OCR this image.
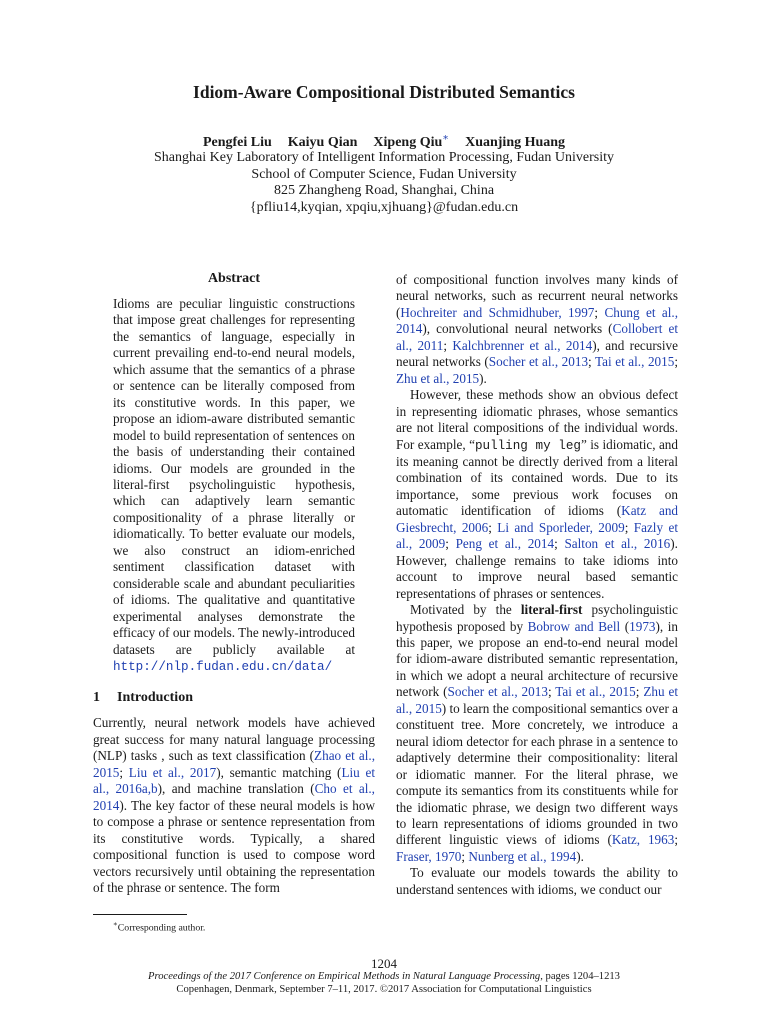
Idiom-Aware Compositional Distributed Semantics
Pengfei Liu Kaiyu Qian Xipeng Qiu∗ Xuanjing Huang
Shanghai Key Laboratory of Intelligent Information Processing, Fudan University
School of Computer Science, Fudan University
825 Zhangheng Road, Shanghai, China
{pfliu14,kyqian, xpqiu,xjhuang}@fudan.edu.cn
Abstract
Idioms are peculiar linguistic constructions that impose great challenges for representing the semantics of language, especially in current prevailing end-to-end neural models, which assume that the semantics of a phrase or sentence can be literally composed from its constitutive words. In this paper, we propose an idiom-aware distributed semantic model to build representation of sentences on the basis of understanding their contained idioms. Our models are grounded in the literal-first psycholinguistic hypothesis, which can adaptively learn semantic compositionality of a phrase literally or idiomatically. To better evaluate our models, we also construct an idiom-enriched sentiment classification dataset with considerable scale and abundant peculiarities of idioms. The qualitative and quantitative experimental analyses demonstrate the efficacy of our models. The newly-introduced datasets are publicly available at http://nlp.fudan.edu.cn/data/
1 Introduction

Currently, neural network models have achieved great success for many natural language processing (NLP) tasks , such as text classification (Zhao et al., 2015; Liu et al., 2017), semantic matching (Liu et al., 2016a,b), and machine translation (Cho et al., 2014). The key factor of these neural models is how to compose a phrase or sentence representation from its constitutive words. Typically, a shared compositional function is used to compose word vectors recursively until obtaining the representation of the phrase or sentence. The form

of compositional function involves many kinds of neural networks, such as recurrent neural networks (Hochreiter and Schmidhuber, 1997; Chung et al., 2014), convolutional neural networks (Collobert et al., 2011; Kalchbrenner et al., 2014), and recursive neural networks (Socher et al., 2013; Tai et al., 2015; Zhu et al., 2015).

However, these methods show an obvious defect in representing idiomatic phrases, whose semantics are not literal compositions of the individual words. For example, “pulling my leg” is idiomatic, and its meaning cannot be directly derived from a literal combination of its contained words. Due to its importance, some previous work focuses on automatic identification of idioms (Katz and Giesbrecht, 2006; Li and Sporleder, 2009; Fazly et al., 2009; Peng et al., 2014; Salton et al., 2016). However, challenge remains to take idioms into account to improve neural based semantic representations of phrases or sentences.

Motivated by the literal-first psycholinguistic hypothesis proposed by Bobrow and Bell (1973), in this paper, we propose an end-to-end neural model for idiom-aware distributed semantic representation, in which we adopt a neural architecture of recursive network (Socher et al., 2013; Tai et al., 2015; Zhu et al., 2015) to learn the compositional semantics over a constituent tree. More concretely, we introduce a neural idiom detector for each phrase in a sentence to adaptively determine their compositionality: literal or idiomatic manner. For the literal phrase, we compute its semantics from its constituents while for the idiomatic phrase, we design two different ways to learn representations of idioms grounded in two different linguistic views of idioms (Katz, 1963; Fraser, 1970; Nunberg et al., 1994).

To evaluate our models towards the ability to understand sentences with idioms, we conduct our

∗Corresponding author.
1204
Proceedings of the 2017 Conference on Empirical Methods in Natural Language Processing, pages 1204–1213
Copenhagen, Denmark, September 7–11, 2017. ©2017 Association for Computational Linguistics
